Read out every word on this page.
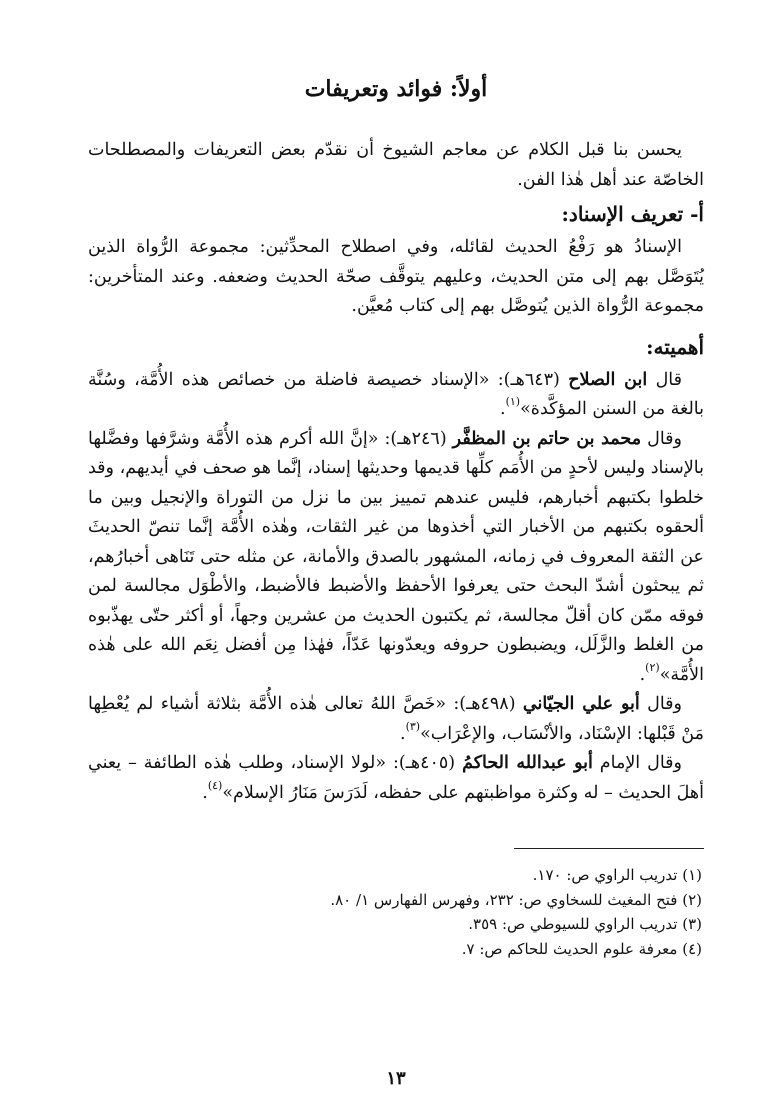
أولاً: فوائد وتعريفات

يحسن بنا قبل الكلام عن معاجم الشيوخ أن نقدّم بعض التعريفات والمصطلحات الخاصّة عند أهل هٰذا الفن.

أ- تعريف الإسناد:

الإسنادُ هو رَفْعُ الحديث لقائله، وفي اصطلاح المحدِّثين: مجموعة الرُّواة الذين يُتَوَصَّل بهم إلى متن الحديث، وعليهم يتوقَّف صحّة الحديث وضعفه. وعند المتأخرين: مجموعة الرُّواة الذين يُتوصَّل بهم إلى كتاب مُعيَّن.

أهميته:

قال ابن الصلاح (٦٤٣هـ): «الإسناد خصيصة فاضلة من خصائص هذه الأُمَّة، وسُنَّة بالغة من السنن المؤكَّدة»$^{(١)}$.

وقال محمد بن حاتم بن المظفَّر (٢٤٦هـ): «إنَّ الله أكرم هذه الأُمَّة وشرَّفها وفضَّلها بالإسناد وليس لأحدٍ من الأُمَم كلِّها قديمها وحديثها إسناد، إنَّما هو صحف في أيديهم، وقد خلطوا بكتبهم أخبارهم، فليس عندهم تمييز بين ما نزل من التوراة والإنجيل وبين ما ألحقوه بكتبهم من الأخبار التي أخذوها من غير الثقات، وهٰذه الأُمَّة إنَّما تنصّ الحديثَ عن الثقة المعروف في زمانه، المشهور بالصدق والأمانة، عن مثله حتى تَنَاهى أخبارُهم، ثم يبحثون أشدّ البحث حتى يعرفوا الأحفظ والأضبط فالأضبط، والأطْوَل مجالسة لمن فوقه ممّن كان أقلّ مجالسة، ثم يكتبون الحديث من عشرين وجهاً، أو أكثر حتّى يهذّبوه من الغلط والزَّلَل، ويضبطون حروفه ويعدّونها عَدّاً، فهٰذا مِن أفضل نِعَم الله على هٰذه الأُمَّة»$^{(٢)}$.

وقال أبو علي الجيّاني (٤٩٨هـ): «خَصَّ اللهُ تعالى هٰذه الأُمَّة بثلاثة أشياء لم يُعْطِها مَنْ قَبْلها: الإسْنَاد، والأنْسَاب، والإعْرَاب»$^{(٣)}$.

وقال الإمام أبو عبدالله الحاكمُ (٤٠٥هـ): «لولا الإسناد، وطلب هٰذه الطائفة – يعني أهلَ الحديث – له وكثرة مواظبتهم على حفظه، لَدَرَسَ مَنَارُ الإسلام»$^{(٤)}$.

(١) تدريب الراوي ص: ١٧٠.

(٢) فتح المغيث للسخاوي ص: ٢٣٢، وفهرس الفهارس ١/ ٨٠.

(٣) تدريب الراوي للسيوطي ص: ٣٥٩.

(٤) معرفة علوم الحديث للحاكم ص: ٧.

١٣
